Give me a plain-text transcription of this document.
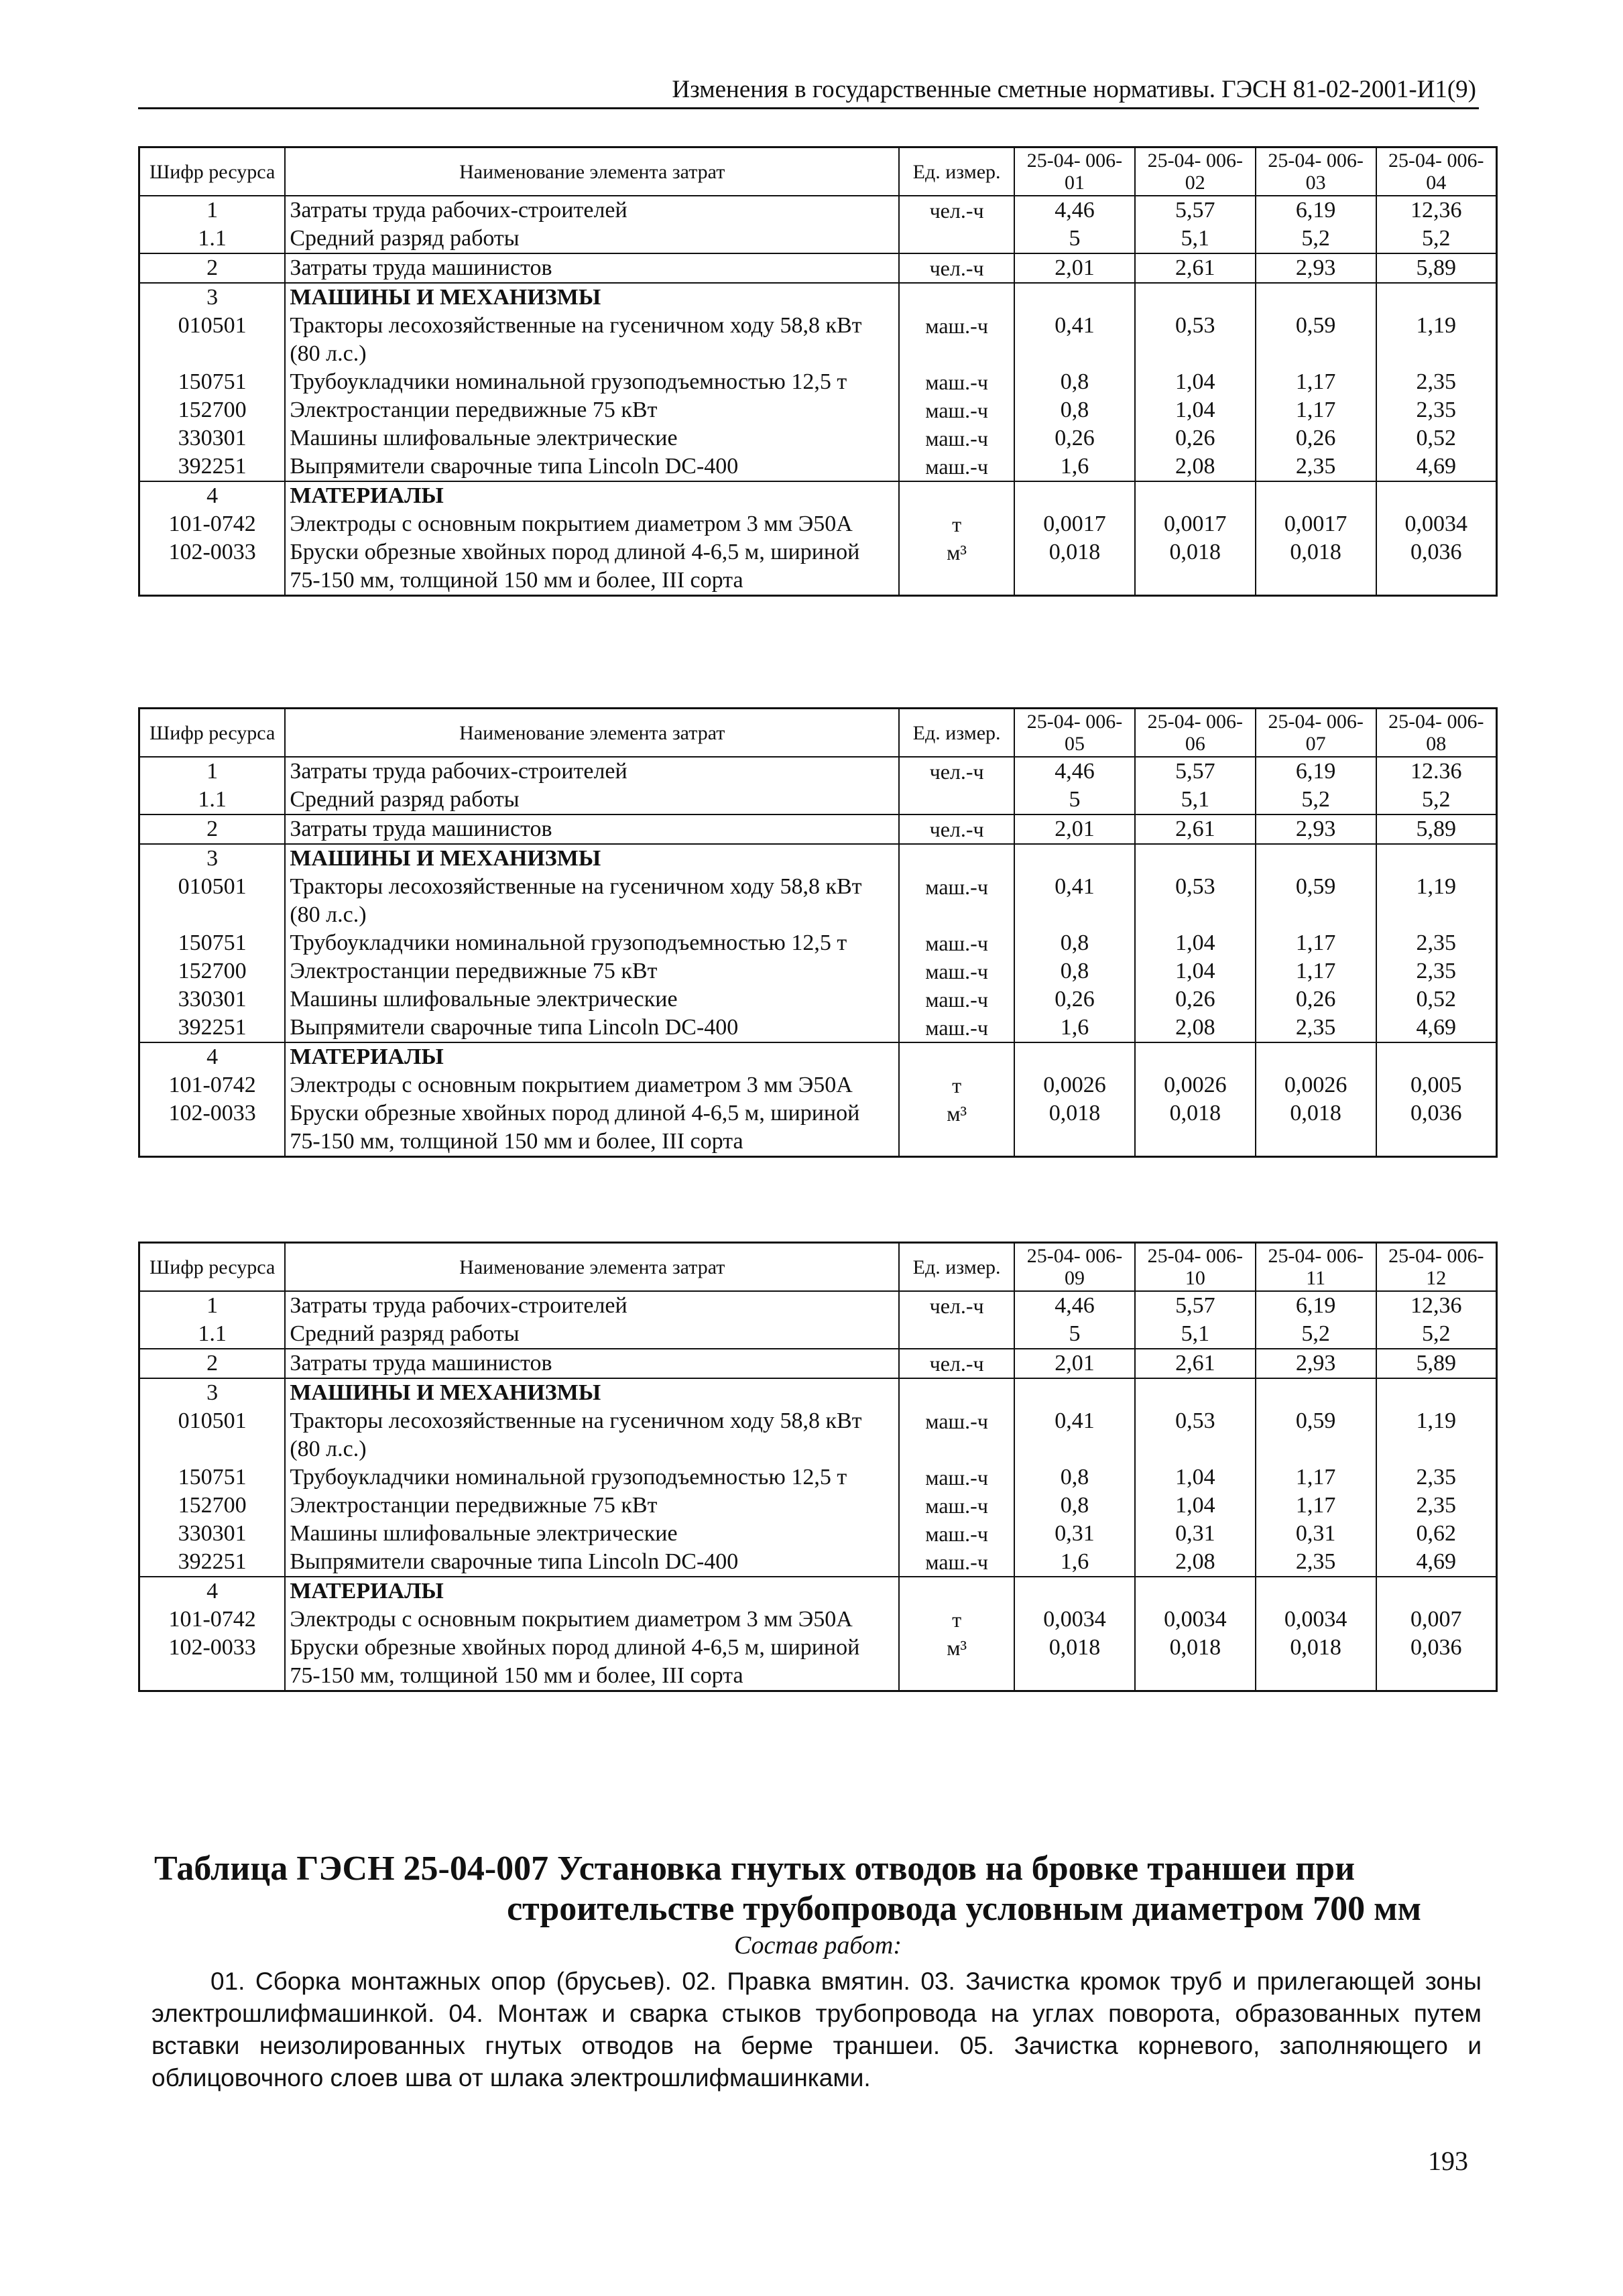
Изменения в государственные сметные нормативы. ГЭСН 81-02-2001-И1(9)
Шифр ресурса	Наименование элемента затрат	Ед. измер.	25-04- 006-01	25-04- 006-02	25-04- 006-03	25-04- 006-04
1	Затраты труда рабочих-строителей	чел.-ч	4,46	5,57	6,19	12,36
1.1	Средний разряд работы		5	5,1	5,2	5,2
2	Затраты труда машинистов	чел.-ч	2,01	2,61	2,93	5,89
3	МАШИНЫ И МЕХАНИЗМЫ					
010501	Тракторы лесохозяйственные на гусеничном ходу 58,8 кВт (80 л.с.)	маш.-ч	0,41	0,53	0,59	1,19
150751	Трубоукладчики номинальной грузоподъемностью 12,5 т	маш.-ч	0,8	1,04	1,17	2,35
152700	Электростанции передвижные 75 кВт	маш.-ч	0,8	1,04	1,17	2,35
330301	Машины шлифовальные электрические	маш.-ч	0,26	0,26	0,26	0,52
392251	Выпрямители сварочные типа Lincoln DC-400	маш.-ч	1,6	2,08	2,35	4,69
4	МАТЕРИАЛЫ					
101-0742	Электроды с основным покрытием диаметром 3 мм Э50А	т	0,0017	0,0017	0,0017	0,0034
102-0033	Бруски обрезные хвойных пород длиной 4-6,5 м, шириной 75-150 мм, толщиной 150 мм и более, III сорта	м³	0,018	0,018	0,018	0,036
Шифр ресурса	Наименование элемента затрат	Ед. измер.	25-04- 006-05	25-04- 006-06	25-04- 006-07	25-04- 006-08
1	Затраты труда рабочих-строителей	чел.-ч	4,46	5,57	6,19	12.36
1.1	Средний разряд работы		5	5,1	5,2	5,2
2	Затраты труда машинистов	чел.-ч	2,01	2,61	2,93	5,89
3	МАШИНЫ И МЕХАНИЗМЫ					
010501	Тракторы лесохозяйственные на гусеничном ходу 58,8 кВт (80 л.с.)	маш.-ч	0,41	0,53	0,59	1,19
150751	Трубоукладчики номинальной грузоподъемностью 12,5 т	маш.-ч	0,8	1,04	1,17	2,35
152700	Электростанции передвижные 75 кВт	маш.-ч	0,8	1,04	1,17	2,35
330301	Машины шлифовальные электрические	маш.-ч	0,26	0,26	0,26	0,52
392251	Выпрямители сварочные типа Lincoln DC-400	маш.-ч	1,6	2,08	2,35	4,69
4	МАТЕРИАЛЫ					
101-0742	Электроды с основным покрытием диаметром 3 мм Э50А	т	0,0026	0,0026	0,0026	0,005
102-0033	Бруски обрезные хвойных пород длиной 4-6,5 м, шириной 75-150 мм, толщиной 150 мм и более, III сорта	м³	0,018	0,018	0,018	0,036
Шифр ресурса	Наименование элемента затрат	Ед. измер.	25-04- 006-09	25-04- 006-10	25-04- 006-11	25-04- 006-12
1	Затраты труда рабочих-строителей	чел.-ч	4,46	5,57	6,19	12,36
1.1	Средний разряд работы		5	5,1	5,2	5,2
2	Затраты труда машинистов	чел.-ч	2,01	2,61	2,93	5,89
3	МАШИНЫ И МЕХАНИЗМЫ					
010501	Тракторы лесохозяйственные на гусеничном ходу 58,8 кВт (80 л.с.)	маш.-ч	0,41	0,53	0,59	1,19
150751	Трубоукладчики номинальной грузоподъемностью 12,5 т	маш.-ч	0,8	1,04	1,17	2,35
152700	Электростанции передвижные 75 кВт	маш.-ч	0,8	1,04	1,17	2,35
330301	Машины шлифовальные электрические	маш.-ч	0,31	0,31	0,31	0,62
392251	Выпрямители сварочные типа Lincoln DC-400	маш.-ч	1,6	2,08	2,35	4,69
4	МАТЕРИАЛЫ					
101-0742	Электроды с основным покрытием диаметром 3 мм Э50А	т	0,0034	0,0034	0,0034	0,007
102-0033	Бруски обрезные хвойных пород длиной 4-6,5 м, шириной 75-150 мм, толщиной 150 мм и более, III сорта	м³	0,018	0,018	0,018	0,036
Таблица ГЭСН 25-04-007 Установка гнутых отводов на бровке траншеи при
строительстве трубопровода условным диаметром 700 мм
Состав работ:
01. Сборка монтажных опор (брусьев). 02. Правка вмятин. 03. Зачистка кромок труб и прилегающей зоны электрошлифмашинкой. 04. Монтаж и сварка стыков трубопровода на углах поворота, образованных путем вставки неизолированных гнутых отводов на берме траншеи. 05. Зачистка корневого, заполняющего и облицовочного слоев шва от шлака электрошлифмашинками.
193
